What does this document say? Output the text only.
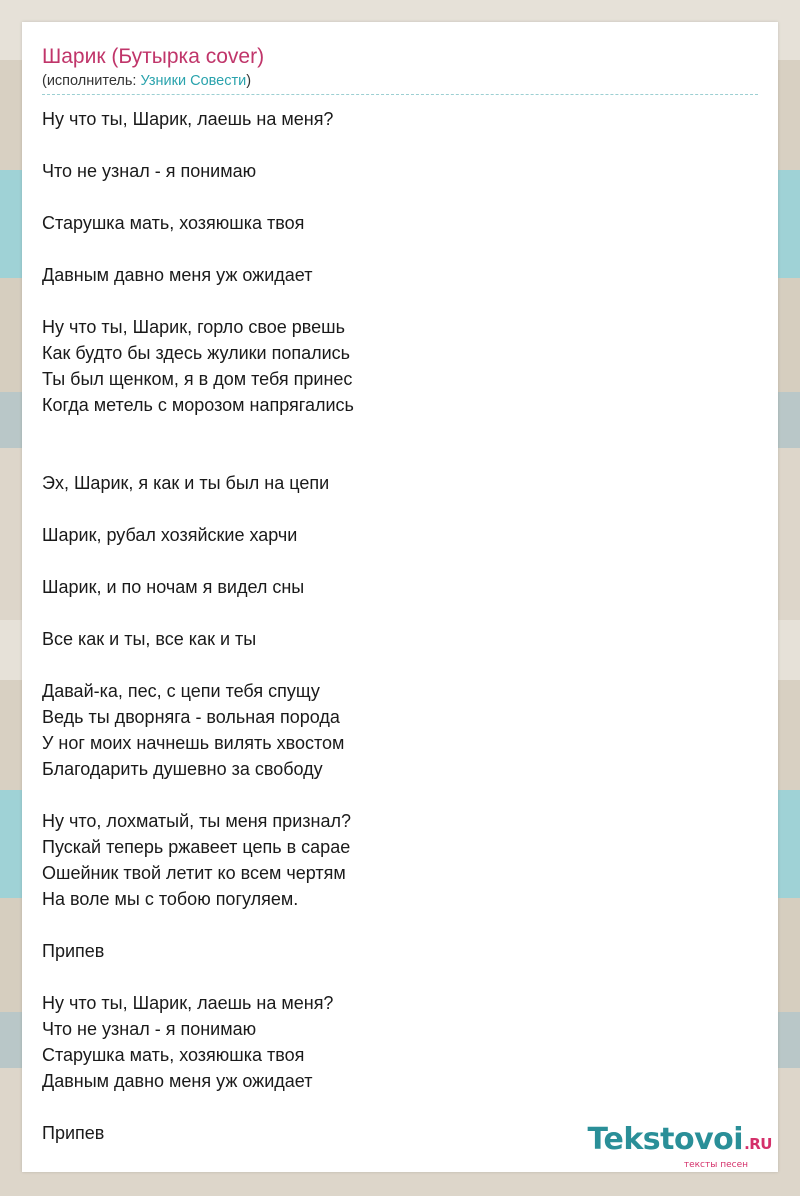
Шарик (Бутырка cover)
(исполнитель: Узники Совести)
Ну что ты, Шарик, лаешь на меня?
Что не узнал - я понимаю
Старушка мать, хозяюшка твоя
Давным давно меня уж ожидает
Ну что ты, Шарик, горло свое рвешь
Как будто бы здесь жулики попались
Ты был щенком, я в дом тебя принес
Когда метель с морозом напрягались
Эх, Шарик, я как и ты был на цепи
Шарик, рубал хозяйские харчи
Шарик, и по ночам я видел сны
Все как и ты, все как и ты
Давай-ка, пес, с цепи тебя спущу
Ведь ты дворняга - вольная порода
У ног моих начнешь вилять хвостом
Благодарить душевно за свободу
Ну что, лохматый, ты меня признал?
Пускай теперь ржавеет цепь в сарае
Ошейник твой летит ко всем чертям
На воле мы с тобою погуляем.
Припев
Ну что ты, Шарик, лаешь на меня?
Что не узнал - я понимаю
Старушка мать, хозяюшка твоя
Давным давно меня уж ожидает
Припев	Tekstovoi.RU
тексты песен
